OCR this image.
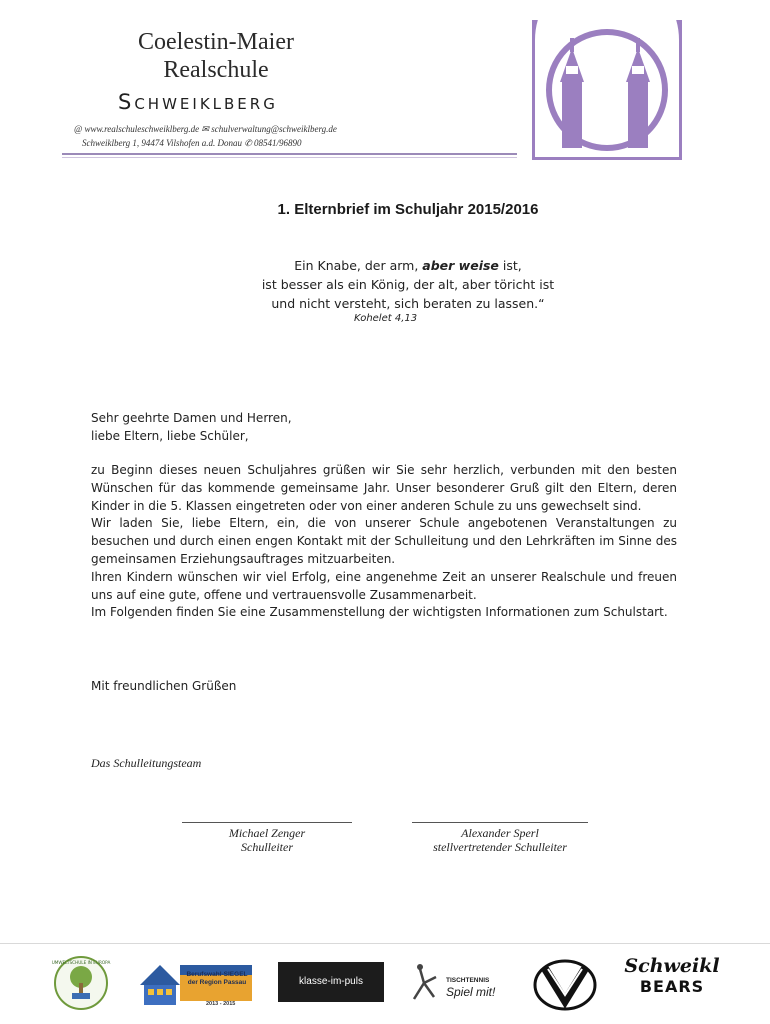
Coelestin-Maier
Realschule
Schweiklberg
@ www.realschuleschweiklberg.de ✉ schulverwaltung@schweiklberg.de
Schweiklberg 1, 94474 Vilshofen a.d. Donau ✆ 08541/96890
1. Elternbrief im Schuljahr 2015/2016
Ein Knabe, der arm, aber weise ist,
ist besser als ein König, der alt, aber töricht ist
und nicht versteht, sich beraten zu lassen.“
Kohelet 4,13
Sehr geehrte Damen und Herren,
liebe Eltern, liebe Schüler,
zu Beginn dieses neuen Schuljahres grüßen wir Sie sehr herzlich, verbunden mit den besten Wünschen für das kommende gemeinsame Jahr. Unser besonderer Gruß gilt den Eltern, deren Kinder in die 5. Klassen eingetreten oder von einer anderen Schule zu uns gewechselt sind.
Wir laden Sie, liebe Eltern, ein, die von unserer Schule angebotenen Veranstaltungen zu besuchen und durch einen engen Kontakt mit der Schulleitung und den Lehrkräften im Sinne des gemeinsamen Erziehungsauftrages mitzuarbeiten.
Ihren Kindern wünschen wir viel Erfolg, eine angenehme Zeit an unserer Realschule und freuen uns auf eine gute, offene und vertrauensvolle Zusammenarbeit.
Im Folgenden finden Sie eine Zusammenstellung der wichtigsten Informationen zum Schulstart.
Mit freundlichen Grüßen
Das Schulleitungsteam
Michael Zenger
Schulleiter
Alexander Sperl
stellvertretender Schulleiter
UMWELTSCHULE IN EUROPA
Berufswahl-SIEGEL
der Region Passau
2013 - 2015
klasse-im-puls	TISCHTENNIS
Spiel mit!
Schweikl
BEARS
